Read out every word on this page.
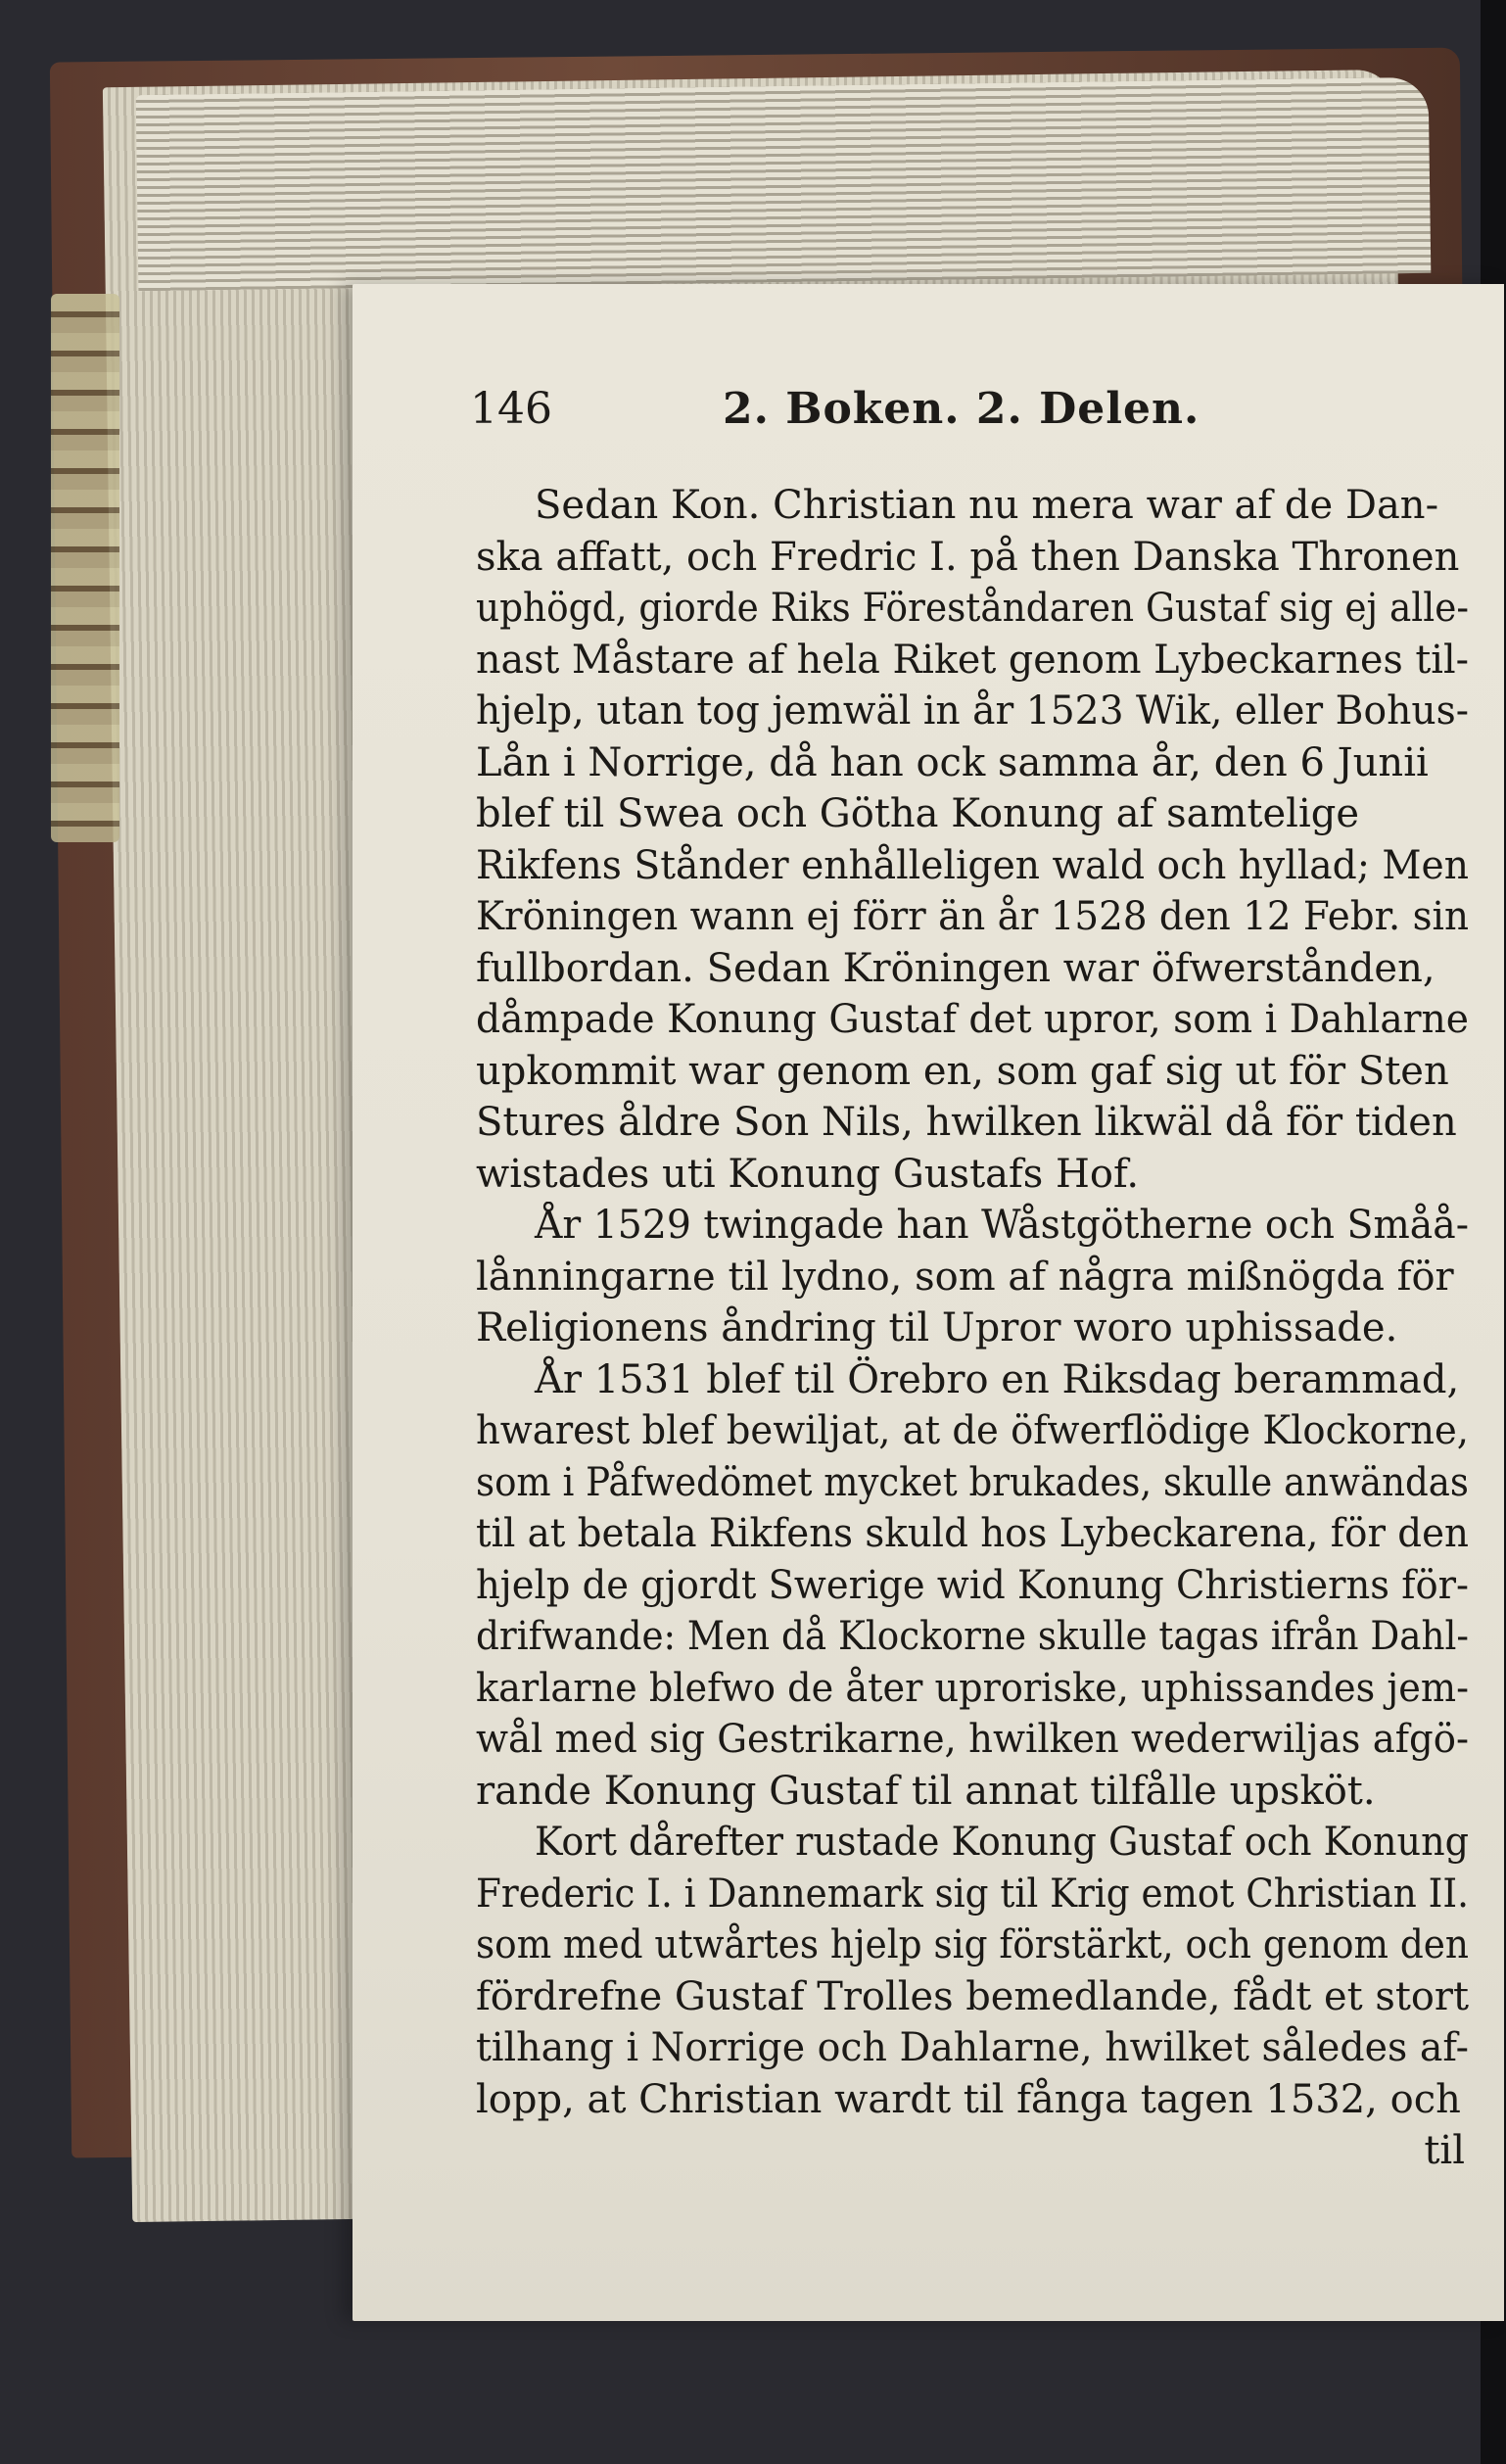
146	2. Boken. 2. Delen.
Sedan Kon. Christian nu mera war af de Dan-
ska affatt, och Fredric I. på then Danska Thronen
uphögd, giorde Riks Föreståndaren Gustaf sig ej alle-
nast Måstare af hela Riket genom Lybeckarnes til-
hjelp, utan tog jemwäl in år 1523 Wik, eller Bohus-
Lån i Norrige, då han ock samma år, den 6 Junii
blef til Swea och Götha Konung af samtelige
Rikfens Stånder enhålleligen wald och hyllad; Men
Kröningen wann ej förr än år 1528 den 12 Febr. sin
fullbordan. Sedan Kröningen war öfwerstånden,
dåmpade Konung Gustaf det upror, som i Dahlarne
upkommit war genom en, som gaf sig ut för Sten
Stures åldre Son Nils, hwilken likwäl då för tiden
wistades uti Konung Gustafs Hof.
År 1529 twingade han Wåstgötherne och Småå-
lånningarne til lydno, som af några mißnögda för
Religionens åndring til Upror woro uphissade.
År 1531 blef til Örebro en Riksdag berammad,
hwarest blef bewiljat, at de öfwerflödige Klockorne,
som i Påfwedömet mycket brukades, skulle anwändas
til at betala Rikfens skuld hos Lybeckarena, för den
hjelp de gjordt Swerige wid Konung Christierns för-
drifwande: Men då Klockorne skulle tagas ifrån Dahl-
karlarne blefwo de åter uproriske, uphissandes jem-
wål med sig Gestrikarne, hwilken wederwiljas afgö-
rande Konung Gustaf til annat tilfålle upsköt.
Kort dårefter rustade Konung Gustaf och Konung
Frederic I. i Dannemark sig til Krig emot Christian II.
som med utwårtes hjelp sig förstärkt, och genom den
fördrefne Gustaf Trolles bemedlande, fådt et stort
tilhang i Norrige och Dahlarne, hwilket således af-
lopp, at Christian wardt til fånga tagen 1532, och
til
